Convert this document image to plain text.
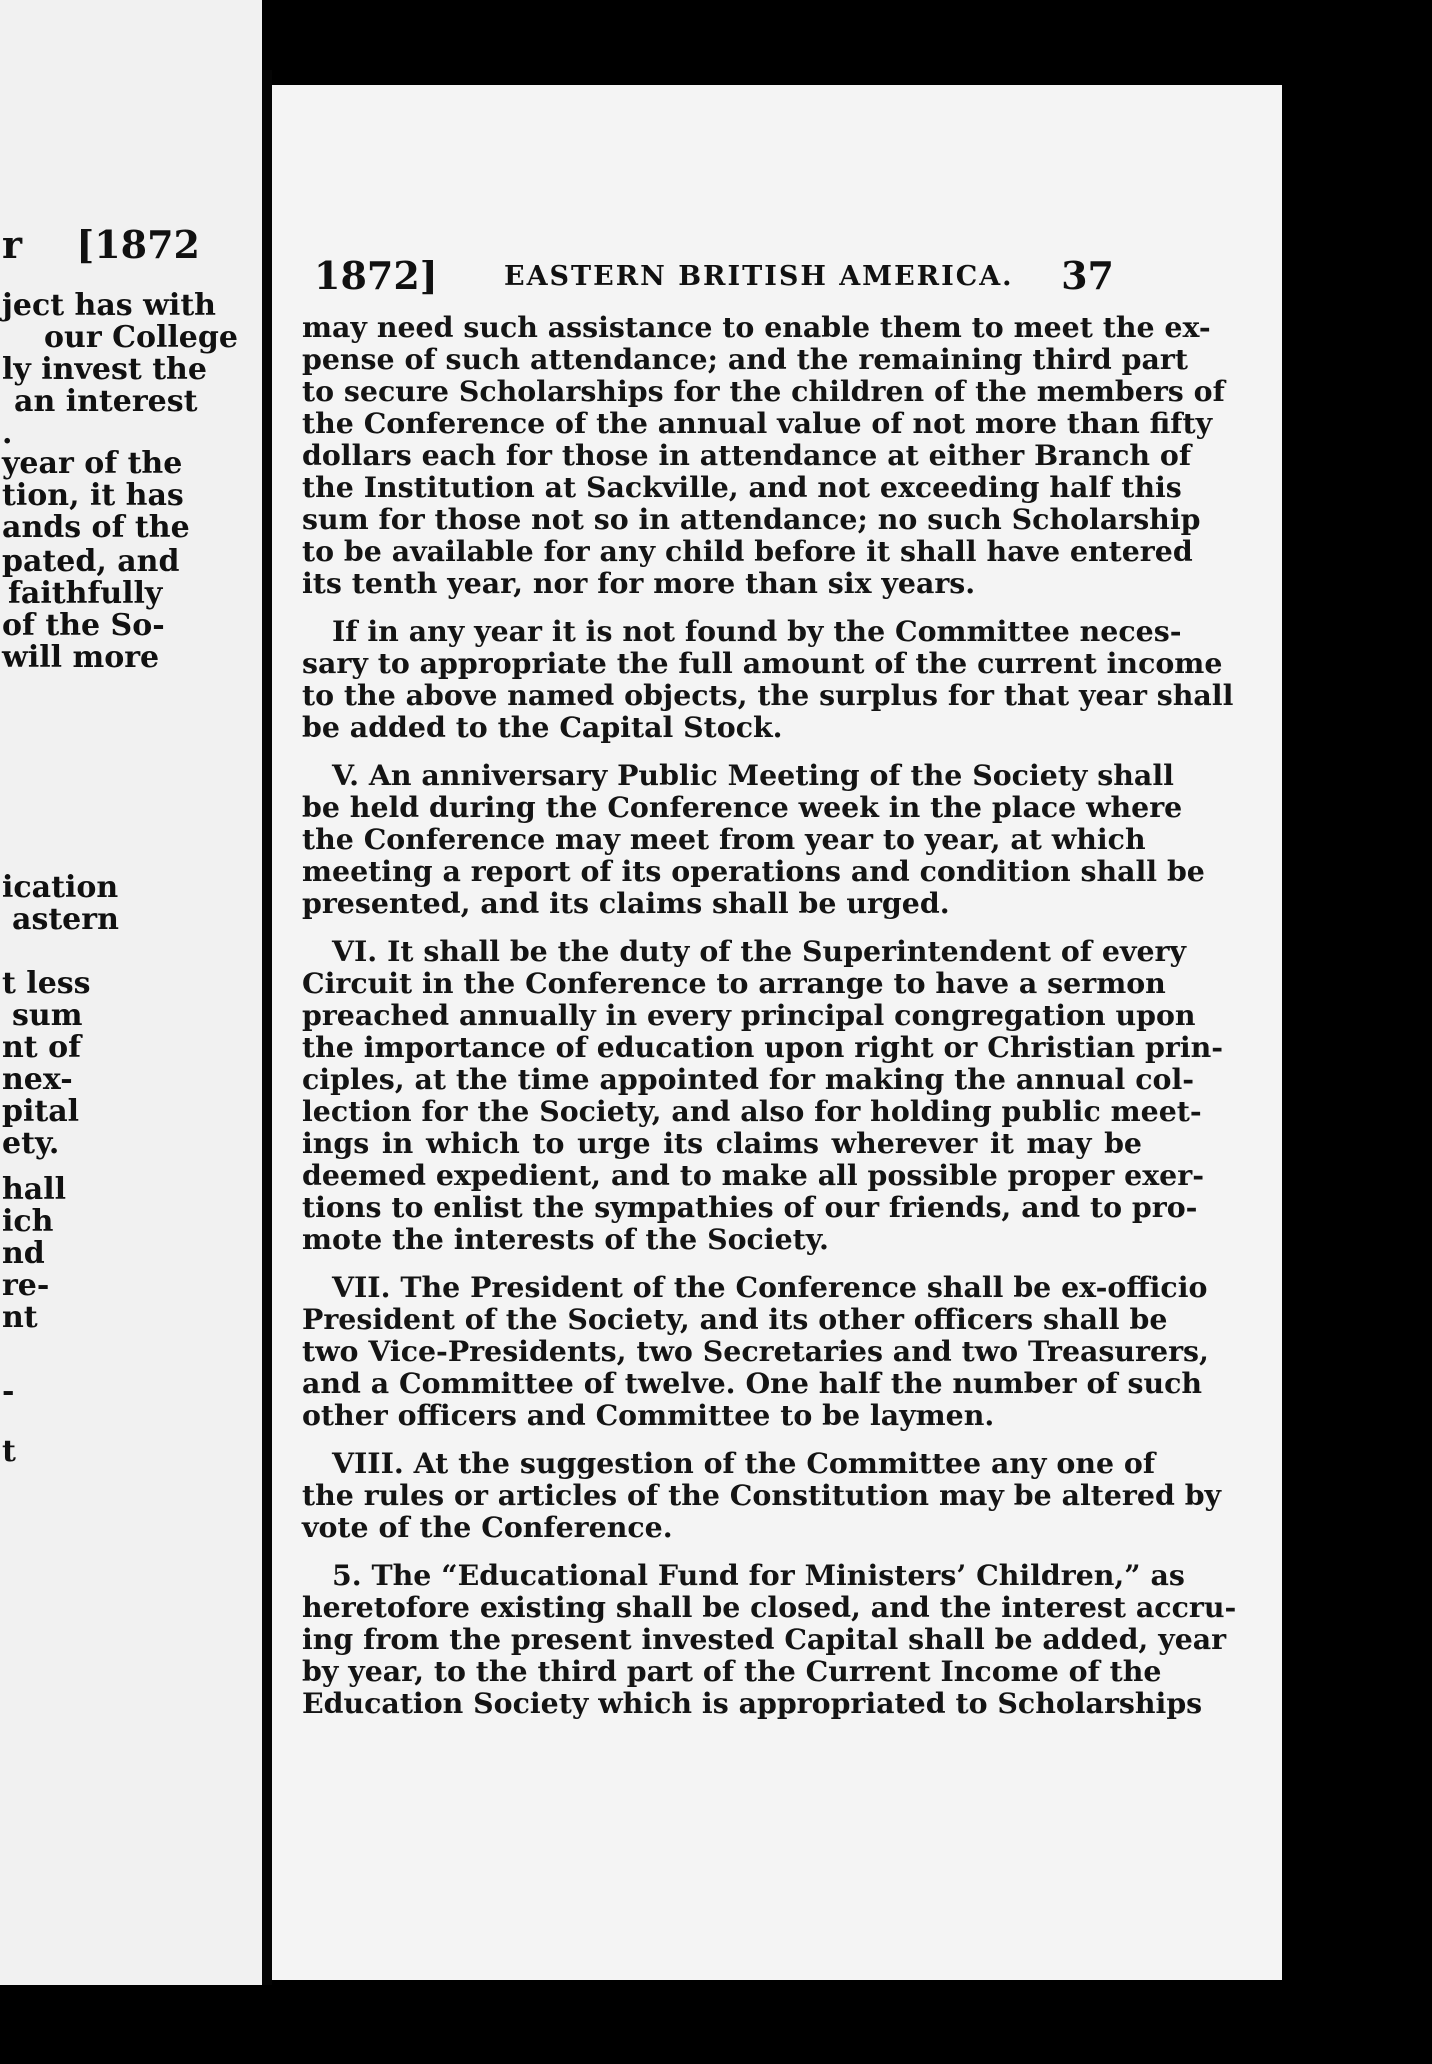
r [1872
ject has with
our College
ly invest the
an interest
.
year of the
tion, it has
ands of the
pated, and
faithfully
of the So-
will more
ication
astern
t less
sum
nt of
nex-
pital
ety.
hall
ich
nd
re-
nt
-
t
1872] EASTERN BRITISH AMERICA. 37
may need such assistance to enable them to meet the ex-
pense of such attendance; and the remaining third part
to secure Scholarships for the children of the members of
the Conference of the annual value of not more than fifty
dollars each for those in attendance at either Branch of
the Institution at Sackville, and not exceeding half this
sum for those not so in attendance; no such Scholarship
to be available for any child before it shall have entered
its tenth year, nor for more than six years.
If in any year it is not found by the Committee neces-
sary to appropriate the full amount of the current income
to the above named objects, the surplus for that year shall
be added to the Capital Stock.
V. An anniversary Public Meeting of the Society shall
be held during the Conference week in the place where
the Conference may meet from year to year, at which
meeting a report of its operations and condition shall be
presented, and its claims shall be urged.
VI. It shall be the duty of the Superintendent of every
Circuit in the Conference to arrange to have a sermon
preached annually in every principal congregation upon
the importance of education upon right or Christian prin-
ciples, at the time appointed for making the annual col-
lection for the Society, and also for holding public meet-
ings in which to urge its claims wherever it may be
deemed expedient, and to make all possible proper exer-
tions to enlist the sympathies of our friends, and to pro-
mote the interests of the Society.
VII. The President of the Conference shall be ex-officio
President of the Society, and its other officers shall be
two Vice-Presidents, two Secretaries and two Treasurers,
and a Committee of twelve. One half the number of such
other officers and Committee to be laymen.
VIII. At the suggestion of the Committee any one of
the rules or articles of the Constitution may be altered by
vote of the Conference.
5. The “Educational Fund for Ministers’ Children,” as
heretofore existing shall be closed, and the interest accru-
ing from the present invested Capital shall be added, year
by year, to the third part of the Current Income of the
Education Society which is appropriated to Scholarships
